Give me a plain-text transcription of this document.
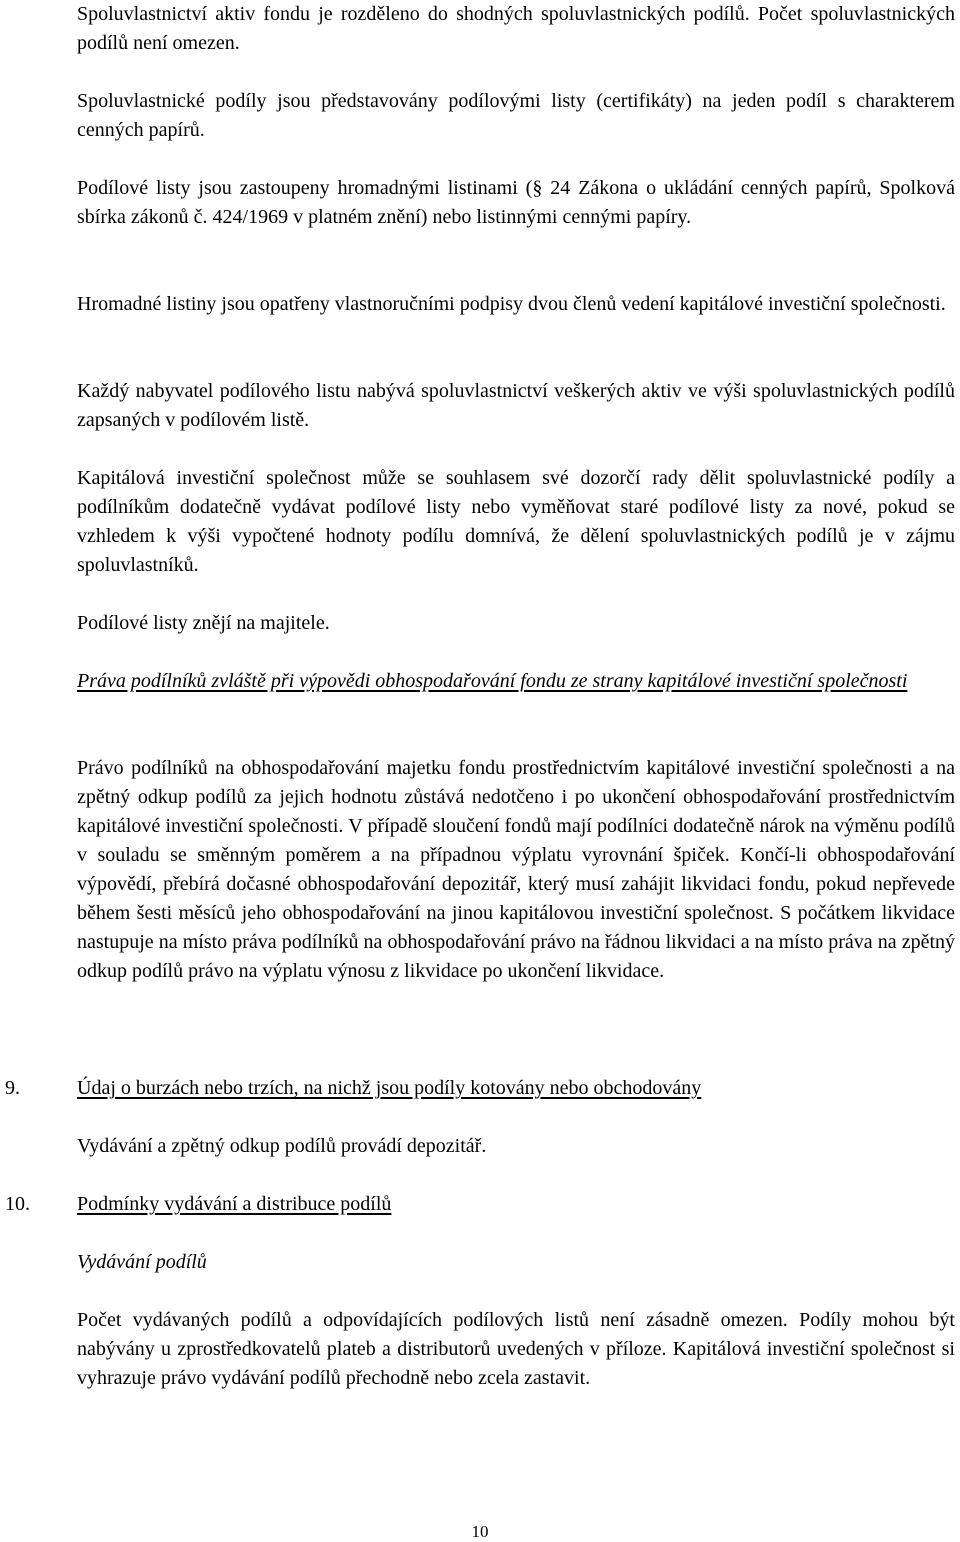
Spoluvlastnictví aktiv fondu je rozděleno do shodných spoluvlastnických podílů. Počet spoluvlastnických podílů není omezen.

Spoluvlastnické podíly jsou představovány podílovými listy (certifikáty) na jeden podíl s charakterem cenných papírů.

Podílové listy jsou zastoupeny hromadnými listinami (§ 24 Zákona o ukládání cenných papírů, Spolková sbírka zákonů č. 424/1969 v platném znění) nebo listinnými cennými papíry.

Hromadné listiny jsou opatřeny vlastnoručními podpisy dvou členů vedení kapitálové investiční společnosti.

Každý nabyvatel podílového listu nabývá spoluvlastnictví veškerých aktiv ve výši spoluvlastnických podílů zapsaných v podílovém listě.

Kapitálová investiční společnost může se souhlasem své dozorčí rady dělit spoluvlastnické podíly a podílníkům dodatečně vydávat podílové listy nebo vyměňovat staré podílové listy za nové, pokud se vzhledem k výši vypočtené hodnoty podílu domnívá, že dělení spoluvlastnických podílů je v zájmu spoluvlastníků.

Podílové listy znějí na majitele.

Práva podílníků zvláště při výpovědi obhospodařování fondu ze strany kapitálové investiční společnosti

Právo podílníků na obhospodařování majetku fondu prostřednictvím kapitálové investiční společnosti a na zpětný odkup podílů za jejich hodnotu zůstává nedotčeno i po ukončení obhospodařování prostřednictvím kapitálové investiční společnosti. V případě sloučení fondů mají podílníci dodatečně nárok na výměnu podílů v souladu se směnným poměrem a na případnou výplatu vyrovnání špiček. Končí-li obhospodařování výpovědí, přebírá dočasné obhospodařování depozitář, který musí zahájit likvidaci fondu, pokud nepřevede během šesti měsíců jeho obhospodařování na jinou kapitálovou investiční společnost. S počátkem likvidace nastupuje na místo práva podílníků na obhospodařování právo na řádnou likvidaci a na místo práva na zpětný odkup podílů právo na výplatu výnosu z likvidace po ukončení likvidace.

9.	Údaj o burzách nebo trzích, na nichž jsou podíly kotovány nebo obchodovány

Vydávání a zpětný odkup podílů provádí depozitář.

10. Podmínky vydávání a distribuce podílů

Vydávání podílů

Počet vydávaných podílů a odpovídajících podílových listů není zásadně omezen. Podíly mohou být nabývány u zprostředkovatelů plateb a distributorů uvedených v příloze. Kapitálová investiční společnost si vyhrazuje právo vydávání podílů přechodně nebo zcela zastavit.

10
